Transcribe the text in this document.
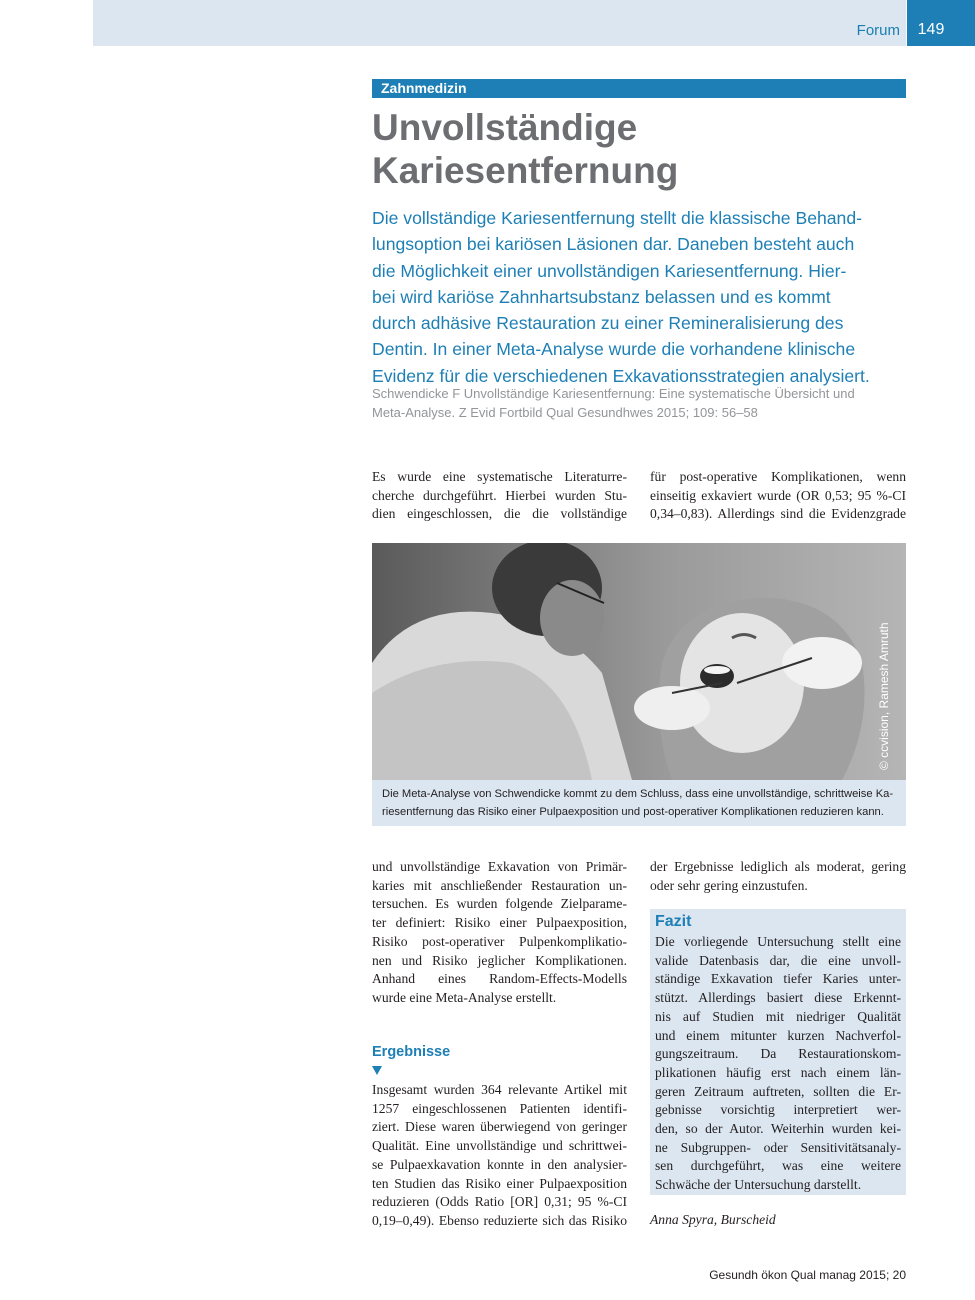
Forum	149
Zahnmedizin
Unvollständige
Kariesentfernung
Die vollständige Kariesentfernung stellt die klassische Behand-
lungsoption bei kariösen Läsionen dar. Daneben besteht auch
die Möglichkeit einer unvollständigen Kariesentfernung. Hier-
bei wird kariöse Zahnhartsubstanz belassen und es kommt
durch adhäsive Restauration zu einer Remineralisierung des
Dentin. In einer Meta-Analyse wurde die vorhandene klinische
Evidenz für die verschiedenen Exkavationsstrategien analysiert.
Schwendicke F Unvollständige Kariesentfernung: Eine systematische Übersicht und
Meta-Analyse. Z Evid Fortbild Qual Gesundhwes 2015; 109: 56–58
Es wurde eine systematische Literaturre-
cherche durchgeführt. Hierbei wurden Stu-
dien eingeschlossen, die die vollständige
für post-operative Komplikationen, wenn
einseitig exkaviert wurde (OR 0,53; 95 %-CI
0,34–0,83). Allerdings sind die Evidenzgrade
© ccvision, Ramesh Amruth
Die Meta-Analyse von Schwendicke kommt zu dem Schluss, dass eine unvollständige, schrittweise Ka-
riesentfernung das Risiko einer Pulpaexposition und post-operativer Komplikationen reduzieren kann.
und unvollständige Exkavation von Primär-
karies mit anschließender Restauration un-
tersuchen. Es wurden folgende Zielparame-
ter definiert: Risiko einer Pulpaexposition,
Risiko post-operativer Pulpenkomplikatio-
nen und Risiko jeglicher Komplikationen.
Anhand eines Random-Effects-Modells
wurde eine Meta-Analyse erstellt.
Ergebnisse
Insgesamt wurden 364 relevante Artikel mit
1257 eingeschlossenen Patienten identifi-
ziert. Diese waren überwiegend von geringer
Qualität. Eine unvollständige und schrittwei-
se Pulpaexkavation konnte in den analysier-
ten Studien das Risiko einer Pulpaexposition
reduzieren (Odds Ratio [OR] 0,31; 95 %-CI
0,19–0,49). Ebenso reduzierte sich das Risiko
der Ergebnisse lediglich als moderat, gering
oder sehr gering einzustufen.
Fazit
Die vorliegende Untersuchung stellt eine
valide Datenbasis dar, die eine unvoll-
ständige Exkavation tiefer Karies unter-
stützt. Allerdings basiert diese Erkennt-
nis auf Studien mit niedriger Qualität
und einem mitunter kurzen Nachverfol-
gungszeitraum. Da Restaurationskom-
plikationen häufig erst nach einem län-
geren Zeitraum auftreten, sollten die Er-
gebnisse vorsichtig interpretiert wer-
den, so der Autor. Weiterhin wurden kei-
ne Subgruppen- oder Sensitivitätsanaly-
sen durchgeführt, was eine weitere
Schwäche der Untersuchung darstellt.
Anna Spyra, Burscheid
Gesundh ökon Qual manag 2015; 20
